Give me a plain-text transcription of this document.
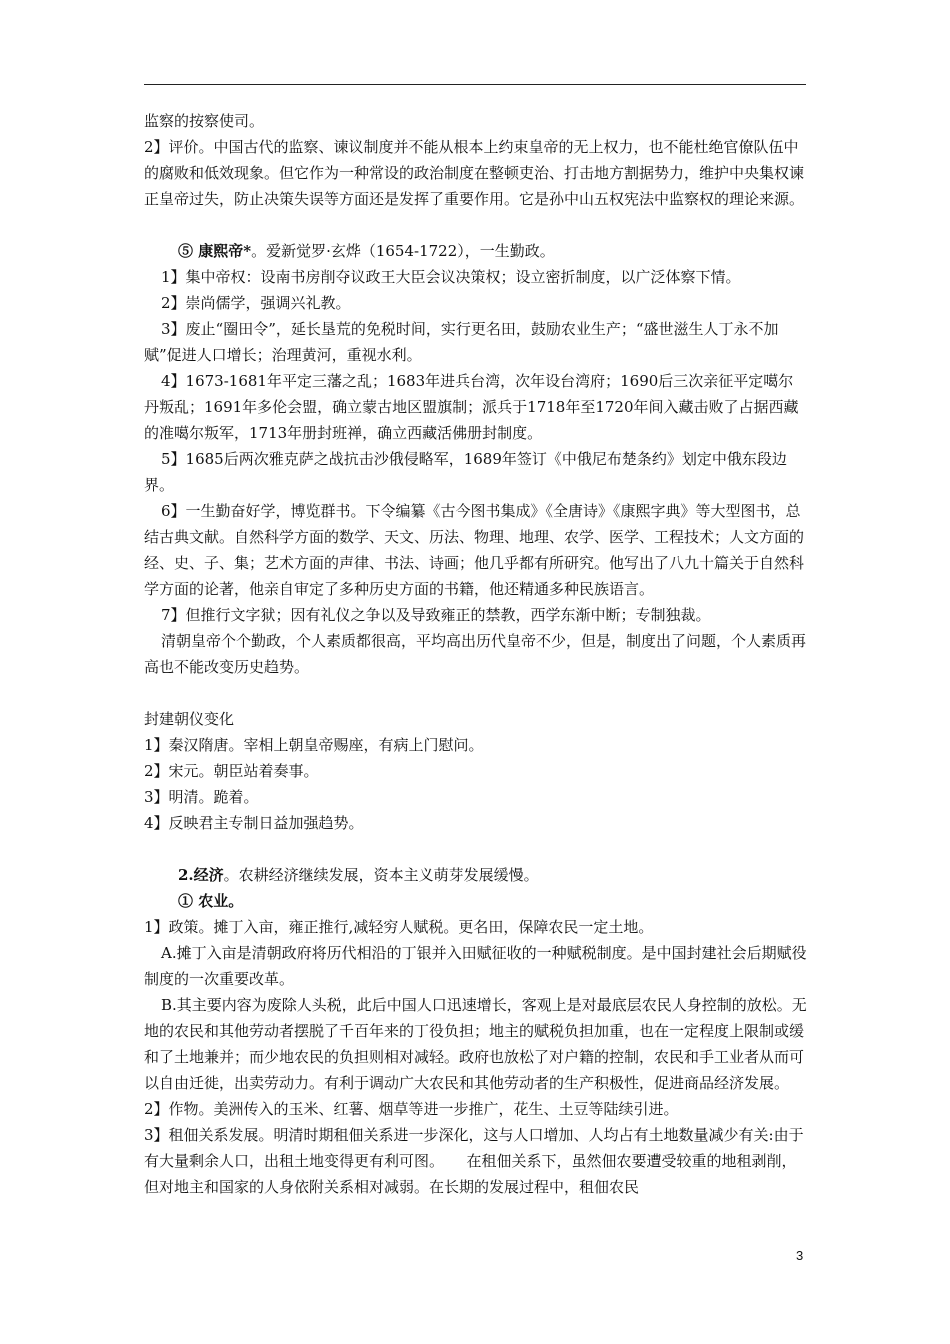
监察的按察使司。

2】评价。中国古代的监察、谏议制度并不能从根本上约束皇帝的无上权力，也不能杜绝官僚队伍中的腐败和低效现象。但它作为一种常设的政治制度在整顿吏治、打击地方割据势力，维护中央集权谏正皇帝过失，防止决策失误等方面还是发挥了重要作用。它是孙中山五权宪法中监察权的理论来源。

⑤ 康熙帝*。爱新觉罗·玄烨（1654-1722），一生勤政。

1】集中帝权：设南书房削夺议政王大臣会议决策权；设立密折制度，以广泛体察下情。

2】崇尚儒学，强调兴礼教。

3】废止“圈田令”，延长垦荒的免税时间，实行更名田，鼓励农业生产；“盛世滋生人丁永不加赋”促进人口增长；治理黄河，重视水利。

4】1673-1681年平定三藩之乱；1683年进兵台湾，次年设台湾府；1690后三次亲征平定噶尔丹叛乱；1691年多伦会盟，确立蒙古地区盟旗制；派兵于1718年至1720年间入藏击败了占据西藏的准噶尔叛军，1713年册封班禅，确立西藏活佛册封制度。

5】1685后两次雅克萨之战抗击沙俄侵略军，1689年签订《中俄尼布楚条约》划定中俄东段边界。

6】一生勤奋好学，博览群书。下令编纂《古今图书集成》《全唐诗》《康熙字典》等大型图书，总结古典文献。自然科学方面的数学、天文、历法、物理、地理、农学、医学、工程技术；人文方面的经、史、子、集；艺术方面的声律、书法、诗画；他几乎都有所研究。他写出了八九十篇关于自然科学方面的论著，他亲自审定了多种历史方面的书籍，他还精通多种民族语言。

7】但推行文字狱；因有礼仪之争以及导致雍正的禁教，西学东渐中断；专制独裁。

清朝皇帝个个勤政，个人素质都很高，平均高出历代皇帝不少，但是，制度出了问题，个人素质再高也不能改变历史趋势。

封建朝仪变化

1】秦汉隋唐。宰相上朝皇帝赐座，有病上门慰问。

2】宋元。朝臣站着奏事。

3】明清。跪着。

4】反映君主专制日益加强趋势。

2.经济。农耕经济继续发展，资本主义萌芽发展缓慢。

① 农业。

1】政策。摊丁入亩，雍正推行,减轻穷人赋税。更名田，保障农民一定土地。

A.摊丁入亩是清朝政府将历代相沿的丁银并入田赋征收的一种赋税制度。是中国封建社会后期赋役制度的一次重要改革。

B.其主要内容为废除人头税，此后中国人口迅速增长，客观上是对最底层农民人身控制的放松。无地的农民和其他劳动者摆脱了千百年来的丁役负担；地主的赋税负担加重，也在一定程度上限制或缓和了土地兼并；而少地农民的负担则相对减轻。政府也放松了对户籍的控制，农民和手工业者从而可以自由迁徙，出卖劳动力。有利于调动广大农民和其他劳动者的生产积极性，促进商品经济发展。

2】作物。美洲传入的玉米、红薯、烟草等进一步推广，花生、土豆等陆续引进。

3】租佃关系发展。明清时期租佃关系进一步深化，这与人口增加、人均占有土地数量减少有关:由于有大量剩余人口，出租土地变得更有利可图。　　在租佃关系下，虽然佃农要遭受较重的地租剥削，但对地主和国家的人身依附关系相对减弱。在长期的发展过程中，租佃农民

3
